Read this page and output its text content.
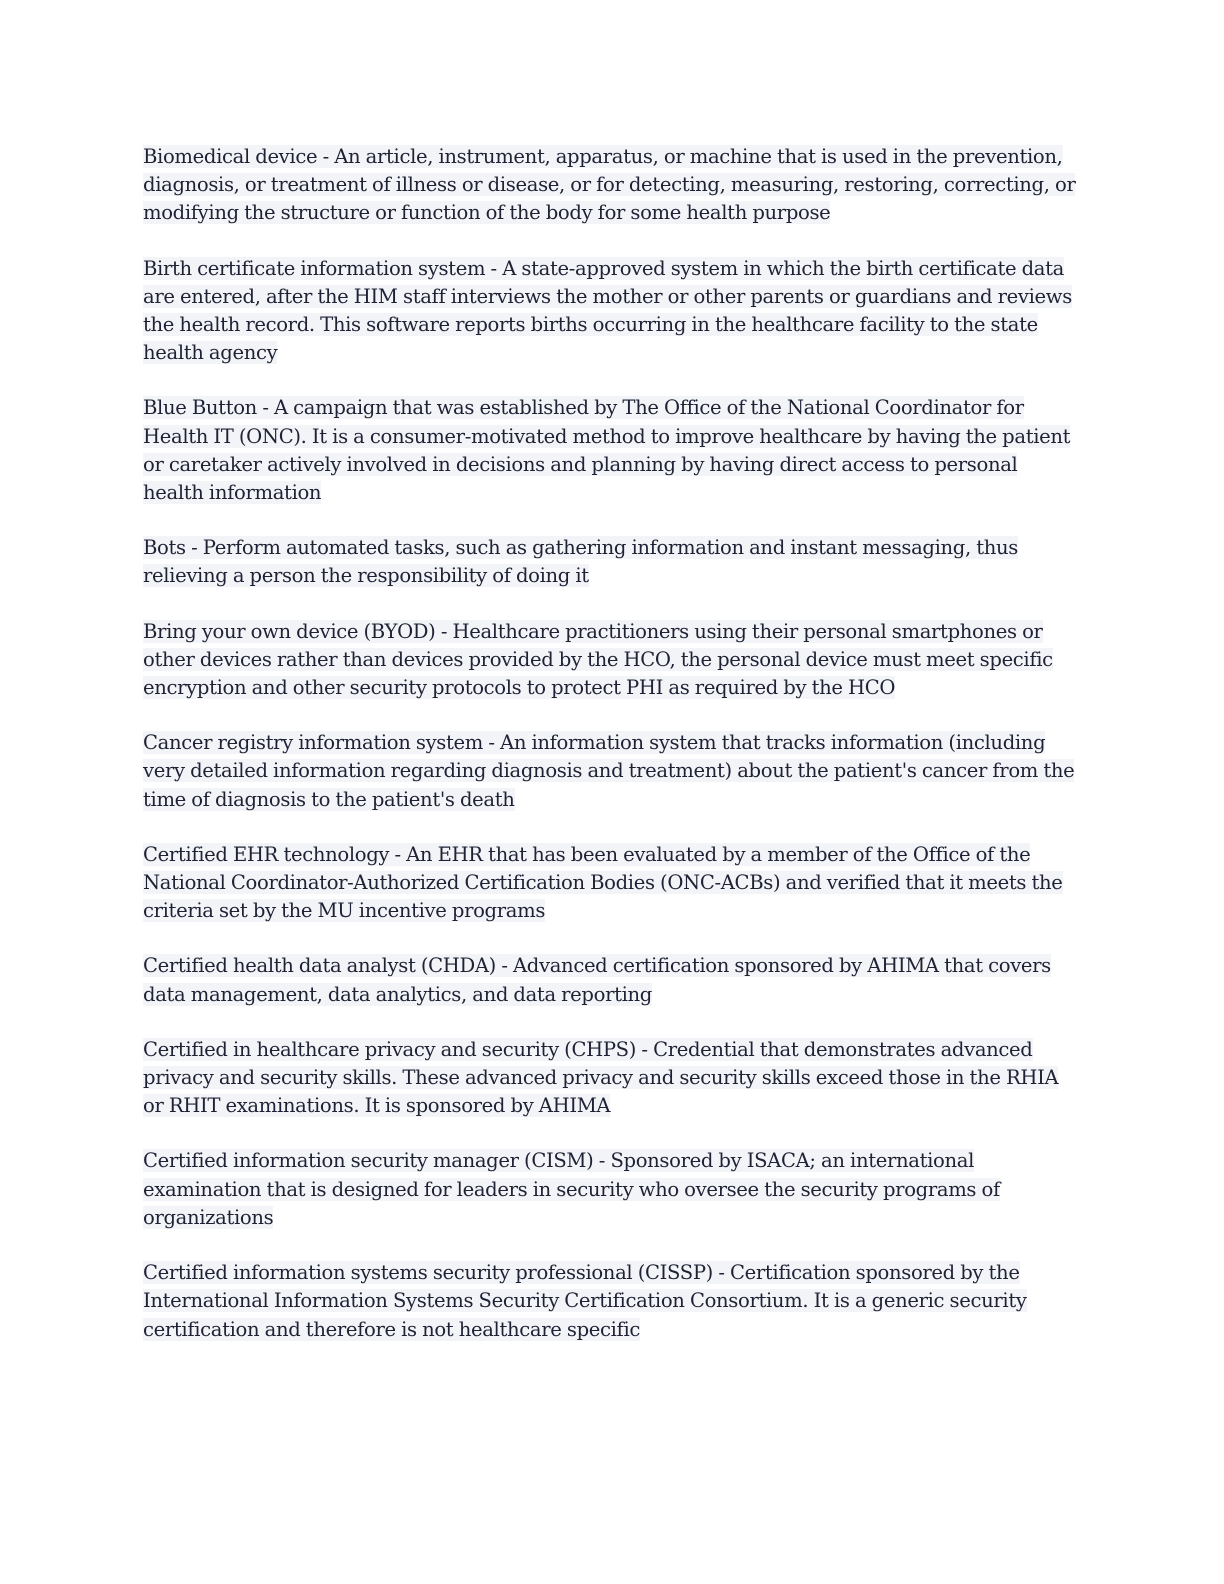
Biomedical device - An article, instrument, apparatus, or machine that is used in the prevention, diagnosis, or treatment of illness or disease, or for detecting, measuring, restoring, correcting, or modifying the structure or function of the body for some health purpose

Birth certificate information system - A state-approved system in which the birth certificate data are entered, after the HIM staff interviews the mother or other parents or guardians and reviews the health record. This software reports births occurring in the healthcare facility to the state health agency

Blue Button - A campaign that was established by The Office of the National Coordinator for Health IT (ONC). It is a consumer-motivated method to improve healthcare by having the patient or caretaker actively involved in decisions and planning by having direct access to personal health information

Bots - Perform automated tasks, such as gathering information and instant messaging, thus relieving a person the responsibility of doing it

Bring your own device (BYOD) - Healthcare practitioners using their personal smartphones or other devices rather than devices provided by the HCO, the personal device must meet specific encryption and other security protocols to protect PHI as required by the HCO

Cancer registry information system - An information system that tracks information (including very detailed information regarding diagnosis and treatment) about the patient's cancer from the time of diagnosis to the patient's death

Certified EHR technology - An EHR that has been evaluated by a member of the Office of the National Coordinator-Authorized Certification Bodies (ONC-ACBs) and verified that it meets the criteria set by the MU incentive programs

Certified health data analyst (CHDA) - Advanced certification sponsored by AHIMA that covers data management, data analytics, and data reporting

Certified in healthcare privacy and security (CHPS) - Credential that demonstrates advanced privacy and security skills. These advanced privacy and security skills exceed those in the RHIA or RHIT examinations. It is sponsored by AHIMA

Certified information security manager (CISM) - Sponsored by ISACA; an international examination that is designed for leaders in security who oversee the security programs of organizations

Certified information systems security professional (CISSP) - Certification sponsored by the International Information Systems Security Certification Consortium. It is a generic security certification and therefore is not healthcare specific
